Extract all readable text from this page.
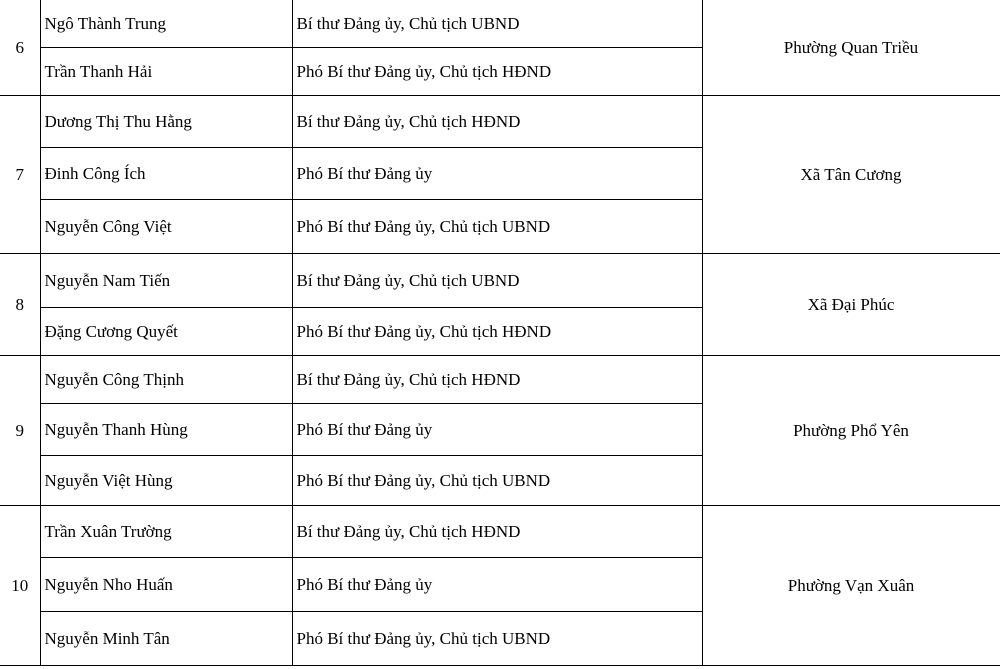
6	Ngô Thành Trung	Bí thư Đảng ủy, Chủ tịch UBND	Phường Quan Triều
	Trần Thanh Hải	Phó Bí thư Đảng ủy, Chủ tịch HĐND	
7	Dương Thị Thu Hằng	Bí thư Đảng ủy, Chủ tịch HĐND	Xã Tân Cương
	Đinh Công Ích	Phó Bí thư Đảng ủy	
	Nguyễn Công Việt	Phó Bí thư Đảng ủy, Chủ tịch UBND	
8	Nguyễn Nam Tiến	Bí thư Đảng ủy, Chủ tịch UBND	Xã Đại Phúc
	Đặng Cương Quyết	Phó Bí thư Đảng ủy, Chủ tịch HĐND	
9	Nguyễn Công Thịnh	Bí thư Đảng ủy, Chủ tịch HĐND	Phường Phổ Yên
	Nguyễn Thanh Hùng	Phó Bí thư Đảng ủy	
	Nguyễn Việt Hùng	Phó Bí thư Đảng ủy, Chủ tịch UBND	
10	Trần Xuân Trường	Bí thư Đảng ủy, Chủ tịch HĐND	Phường Vạn Xuân
	Nguyễn Nho Huấn	Phó Bí thư Đảng ủy	
	Nguyễn Minh Tân	Phó Bí thư Đảng ủy, Chủ tịch UBND	
